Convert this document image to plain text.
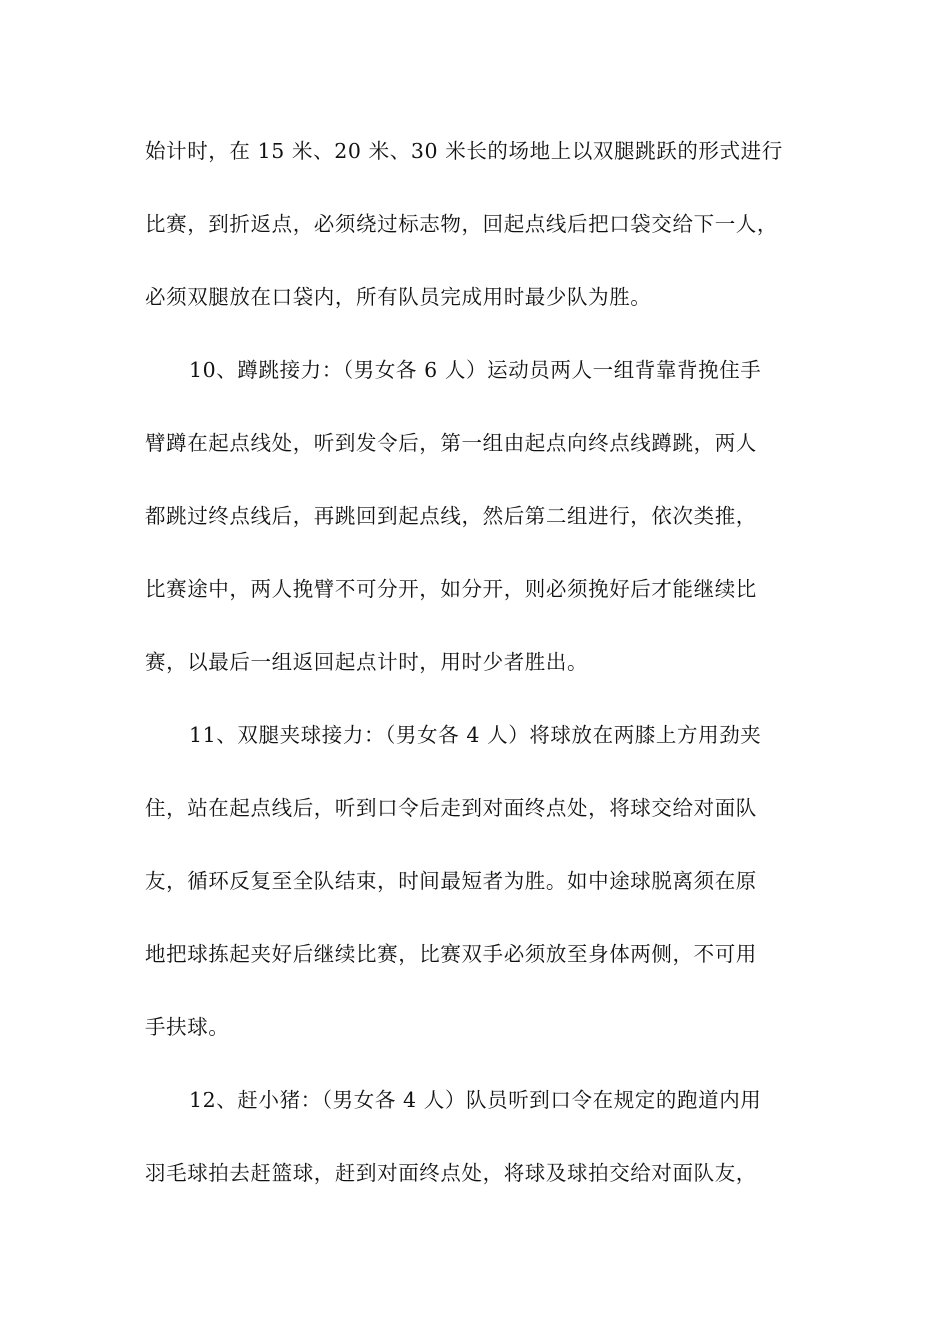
始计时，在 15 米、20 米、30 米长的场地上以双腿跳跃的形式进行
比赛，到折返点，必须绕过标志物，回起点线后把口袋交给下一人，
必须双腿放在口袋内，所有队员完成用时最少队为胜。
10、蹲跳接力：（男女各 6 人）运动员两人一组背靠背挽住手
臂蹲在起点线处，听到发令后，第一组由起点向终点线蹲跳，两人
都跳过终点线后，再跳回到起点线，然后第二组进行，依次类推，
比赛途中，两人挽臂不可分开，如分开，则必须挽好后才能继续比
赛，以最后一组返回起点计时，用时少者胜出。
11、双腿夹球接力：（男女各 4 人）将球放在两膝上方用劲夹
住，站在起点线后，听到口令后走到对面终点处，将球交给对面队
友，循环反复至全队结束，时间最短者为胜。如中途球脱离须在原
地把球拣起夹好后继续比赛，比赛双手必须放至身体两侧，不可用
手扶球。
12、赶小猪：（男女各 4 人）队员听到口令在规定的跑道内用
羽毛球拍去赶篮球，赶到对面终点处，将球及球拍交给对面队友，
